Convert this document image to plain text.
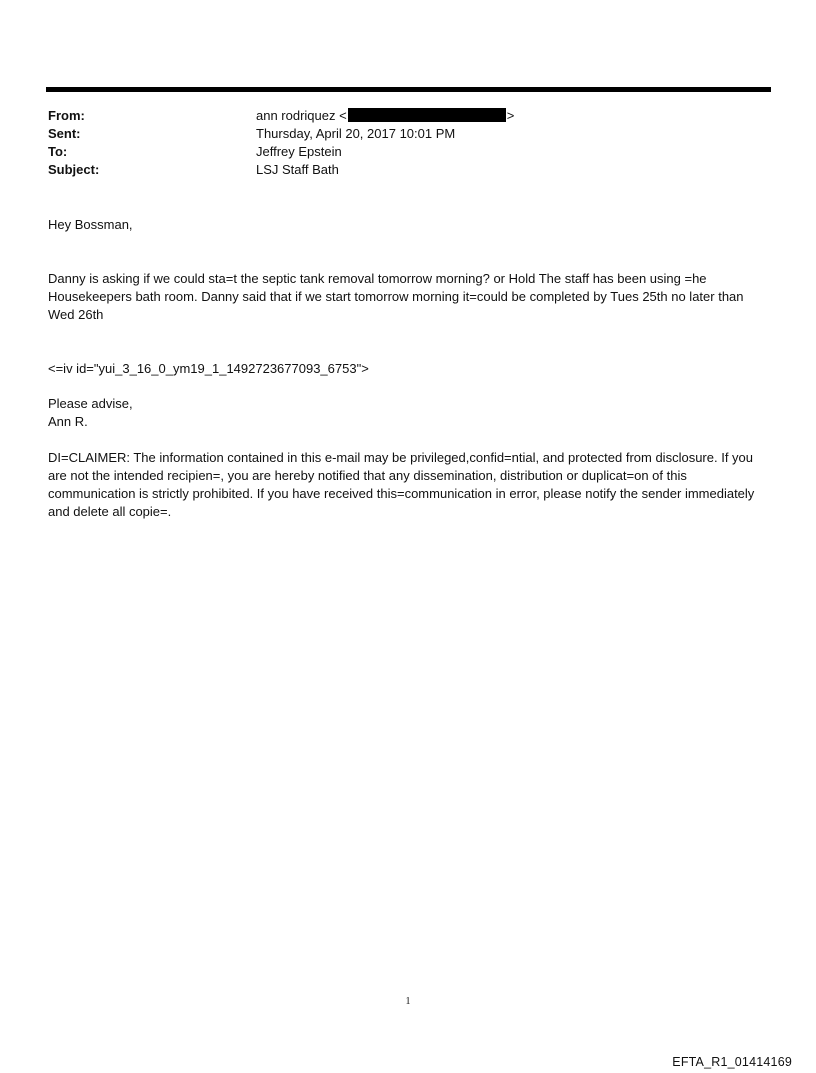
From:	ann rodriquez <	>
Sent:	Thursday, April 20, 2017 10:01 PM
To:	Jeffrey Epstein
Subject:	LSJ Staff Bath

Hey Bossman,

Danny is asking if we could sta=t the septic tank removal tomorrow morning? or Hold The staff has been using =he Housekeepers bath room. Danny said that if we start tomorrow morning it=could be completed by Tues 25th no later than Wed 26th

<=iv id="yui_3_16_0_ym19_1_1492723677093_6753">

Please advise,

Ann R.

DI=CLAIMER: The information contained in this e-mail may be privileged,confid=ntial, and protected from disclosure. If you are not the intended recipien=, you are hereby notified that any dissemination, distribution or duplicat=on of this communication is strictly prohibited. If you have received this=communication in error, please notify the sender immediately and delete all copie=.

1
EFTA_R1_01414169
